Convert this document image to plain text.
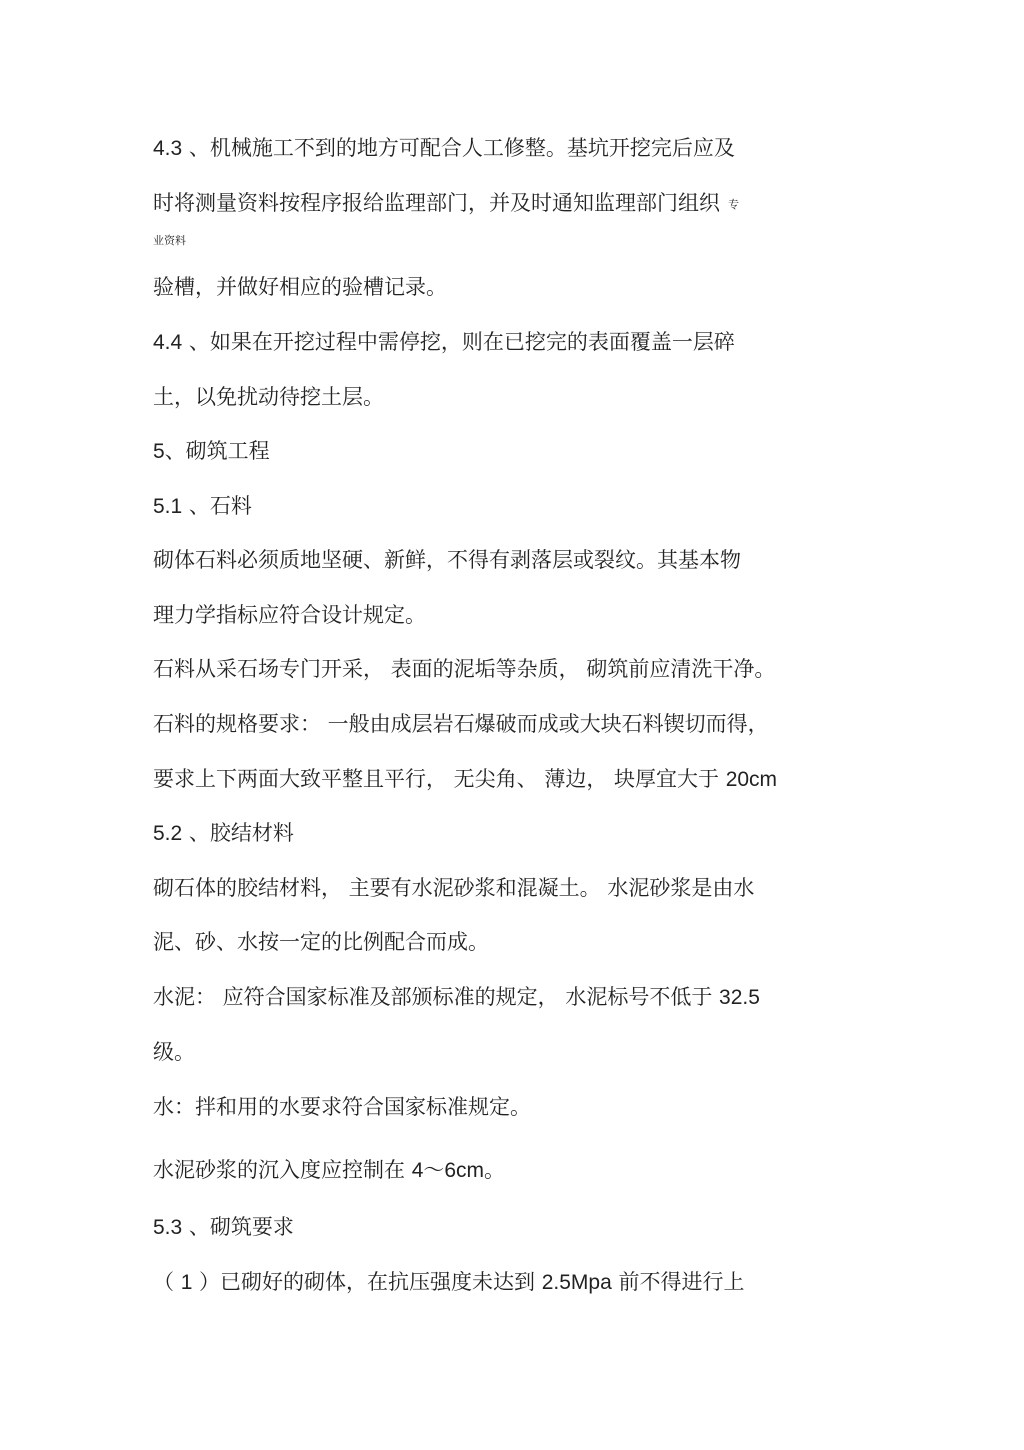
4.3 、机械施工不到的地方可配合人工修整。基坑开挖完后应及
时将测量资料按程序报给监理部门，并及时通知监理部门组织 专
业资料
验槽，并做好相应的验槽记录。
4.4 、如果在开挖过程中需停挖，则在已挖完的表面覆盖一层碎
土，以免扰动待挖土层。
5、砌筑工程
5.1 、石料
砌体石料必须质地坚硬、新鲜，不得有剥落层或裂纹。其基本物
理力学指标应符合设计规定。
石料从采石场专门开采， 表面的泥垢等杂质， 砌筑前应清洗干净。
石料的规格要求： 一般由成层岩石爆破而成或大块石料锲切而得，
要求上下两面大致平整且平行， 无尖角、 薄边， 块厚宜大于 20cm
5.2 、胶结材料
砌石体的胶结材料， 主要有水泥砂浆和混凝土。 水泥砂浆是由水
泥、砂、水按一定的比例配合而成。
水泥： 应符合国家标准及部颁标准的规定， 水泥标号不低于 32.5
级。
水：拌和用的水要求符合国家标准规定。
水泥砂浆的沉入度应控制在 4～6cm。
5.3 、砌筑要求
（ 1 ）已砌好的砌体，在抗压强度未达到 2.5Mpa 前不得进行上
